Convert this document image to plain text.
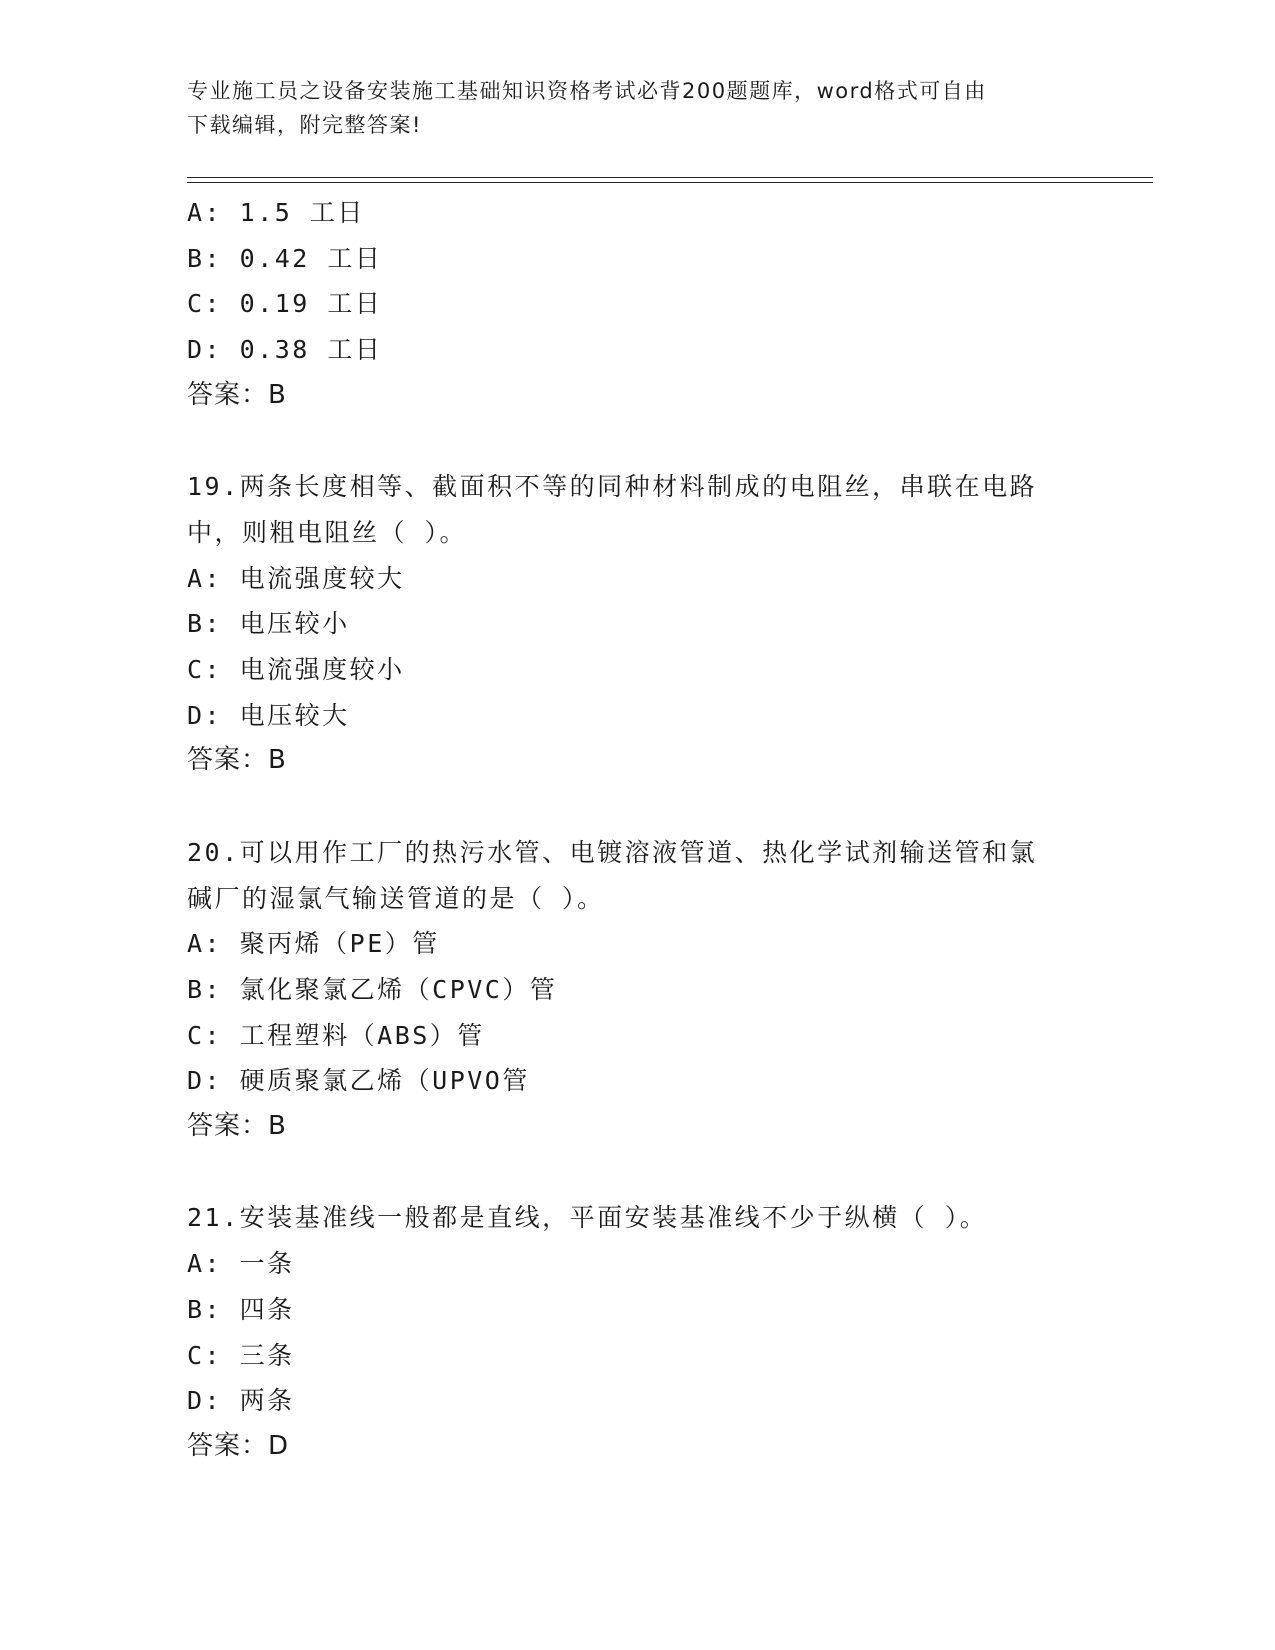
专业施工员之设备安装施工基础知识资格考试必背200题题库，word格式可自由
下载编辑，附完整答案!
A: 1.5 工日
B: 0.42 工日
C: 0.19 工日
D: 0.38 工日
答案：B
19.两条长度相等、截面积不等的同种材料制成的电阻丝，串联在电路
中，则粗电阻丝（ ）。
A: 电流强度较大
B: 电压较小
C: 电流强度较小
D: 电压较大
答案：B
20.可以用作工厂的热污水管、电镀溶液管道、热化学试剂输送管和氯
碱厂的湿氯气输送管道的是（ ）。
A: 聚丙烯（PE）管
B: 氯化聚氯乙烯（CPVC）管
C: 工程塑料（ABS）管
D: 硬质聚氯乙烯（UPVO管
答案：B
21.安装基准线一般都是直线，平面安装基准线不少于纵横（ ）。
A: 一条
B: 四条
C: 三条
D: 两条
答案：D
